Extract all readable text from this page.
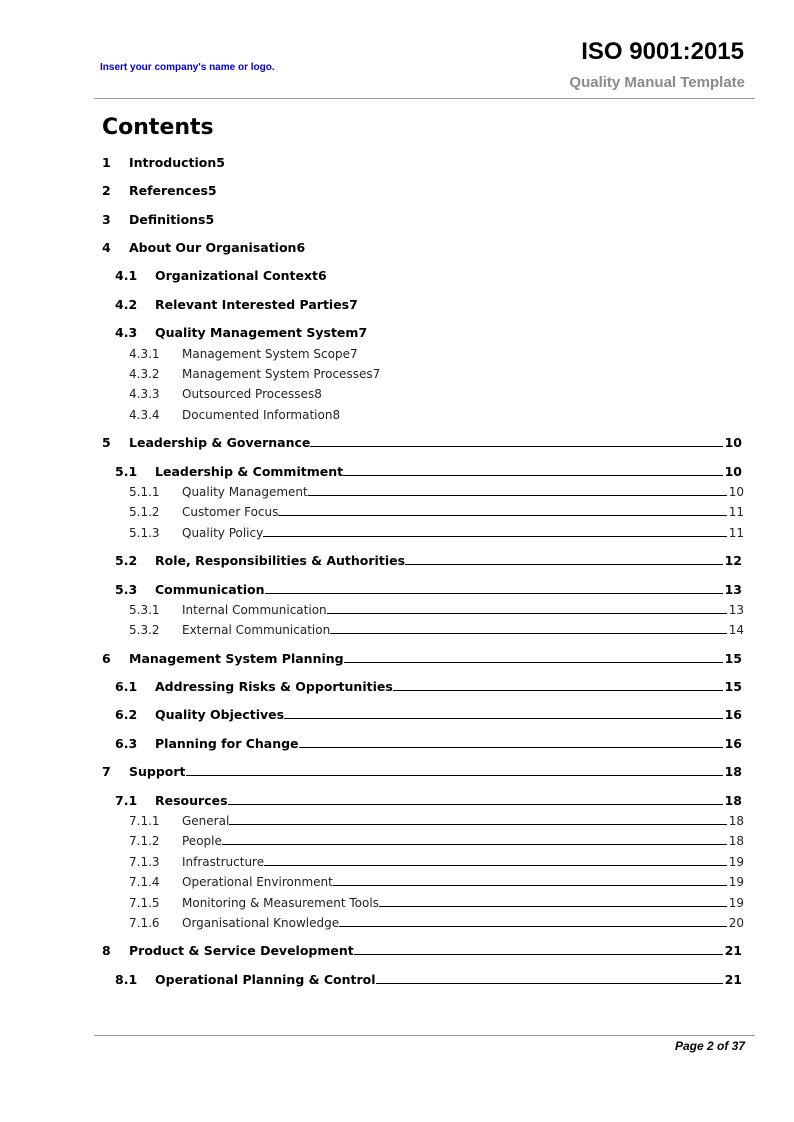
Insert your company's name or logo.
ISO 9001:2015
Quality Manual Template
Contents
1 Introduction 5
2 References 5
3 Definitions 5
4 About Our Organisation 6
4.1 Organizational Context 6
4.2 Relevant Interested Parties 7
4.3 Quality Management System 7
4.3.1 Management System Scope 7
4.3.2 Management System Processes 7
4.3.3 Outsourced Processes 8
4.3.4 Documented Information 8
5 Leadership & Governance	10
5.1 Leadership & Commitment	10
5.1.1 Quality Management	10
5.1.2 Customer Focus	11
5.1.3 Quality Policy	11
5.2 Role, Responsibilities & Authorities	12
5.3 Communication	13
5.3.1 Internal Communication	13
5.3.2 External Communication	14
6 Management System Planning	15
6.1 Addressing Risks & Opportunities	15
6.2 Quality Objectives	16
6.3 Planning for Change	16
7 Support	18
7.1 Resources	18
7.1.1 General	18
7.1.2 People	18
7.1.3 Infrastructure	19
7.1.4 Operational Environment	19
7.1.5 Monitoring & Measurement Tools	19
7.1.6 Organisational Knowledge	20
8 Product & Service Development	21
8.1 Operational Planning & Control	21
Page 2 of 37
